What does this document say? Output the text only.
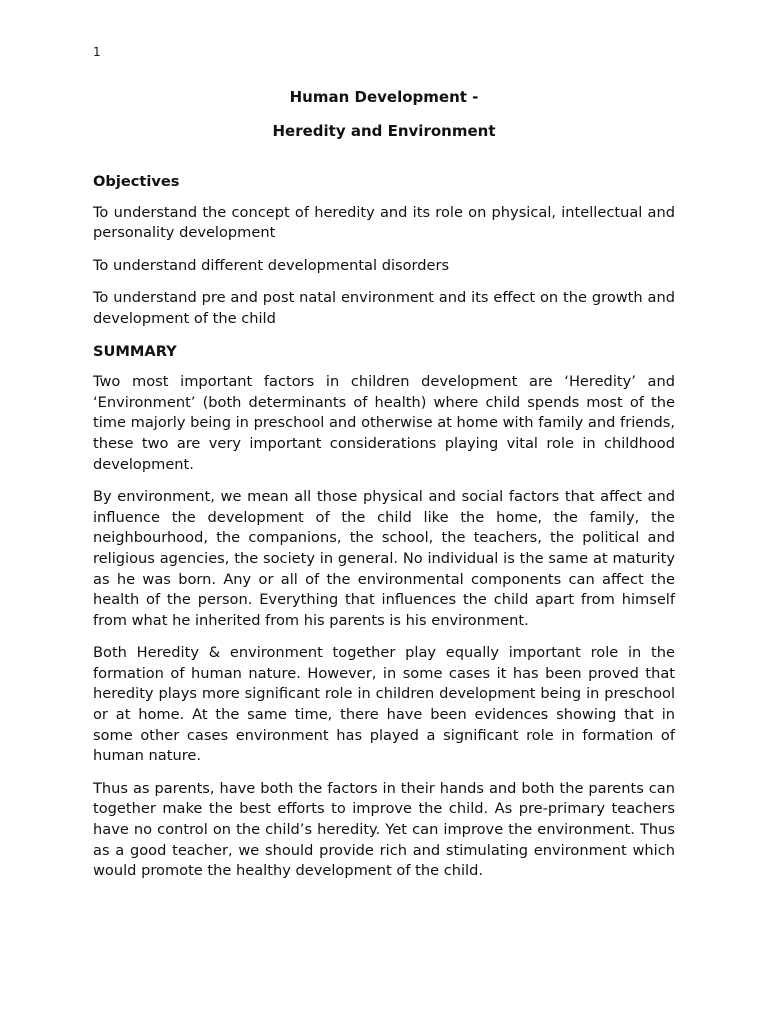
1
Human Development -
Heredity and Environment
Objectives

To understand the concept of heredity and its role on physical, intellectual and personality development

To understand different developmental disorders

To understand pre and post natal environment and its effect on the growth and development of the child

SUMMARY

Two most important factors in children development are ‘Heredity’ and ‘Environment’ (both determinants of health) where child spends most of the time majorly being in preschool and otherwise at home with family and friends, these two are very important considerations playing vital role in childhood development.

By environment, we mean all those physical and social factors that affect and influence the development of the child like the home, the family, the neighbourhood, the companions, the school, the teachers, the political and religious agencies, the society in general. No individual is the same at maturity as he was born. Any or all of the environmental components can affect the health of the person. Everything that influences the child apart from himself from what he inherited from his parents is his environment.

Both Heredity & environment together play equally important role in the formation of human nature. However, in some cases it has been proved that heredity plays more significant role in children development being in preschool or at home. At the same time, there have been evidences showing that in some other cases environment has played a significant role in formation of human nature.

Thus as parents, have both the factors in their hands and both the parents can together make the best efforts to improve the child. As pre-primary teachers have no control on the child’s heredity. Yet can improve the environment. Thus as a good teacher, we should provide rich and stimulating environment which would promote the healthy development of the child.
